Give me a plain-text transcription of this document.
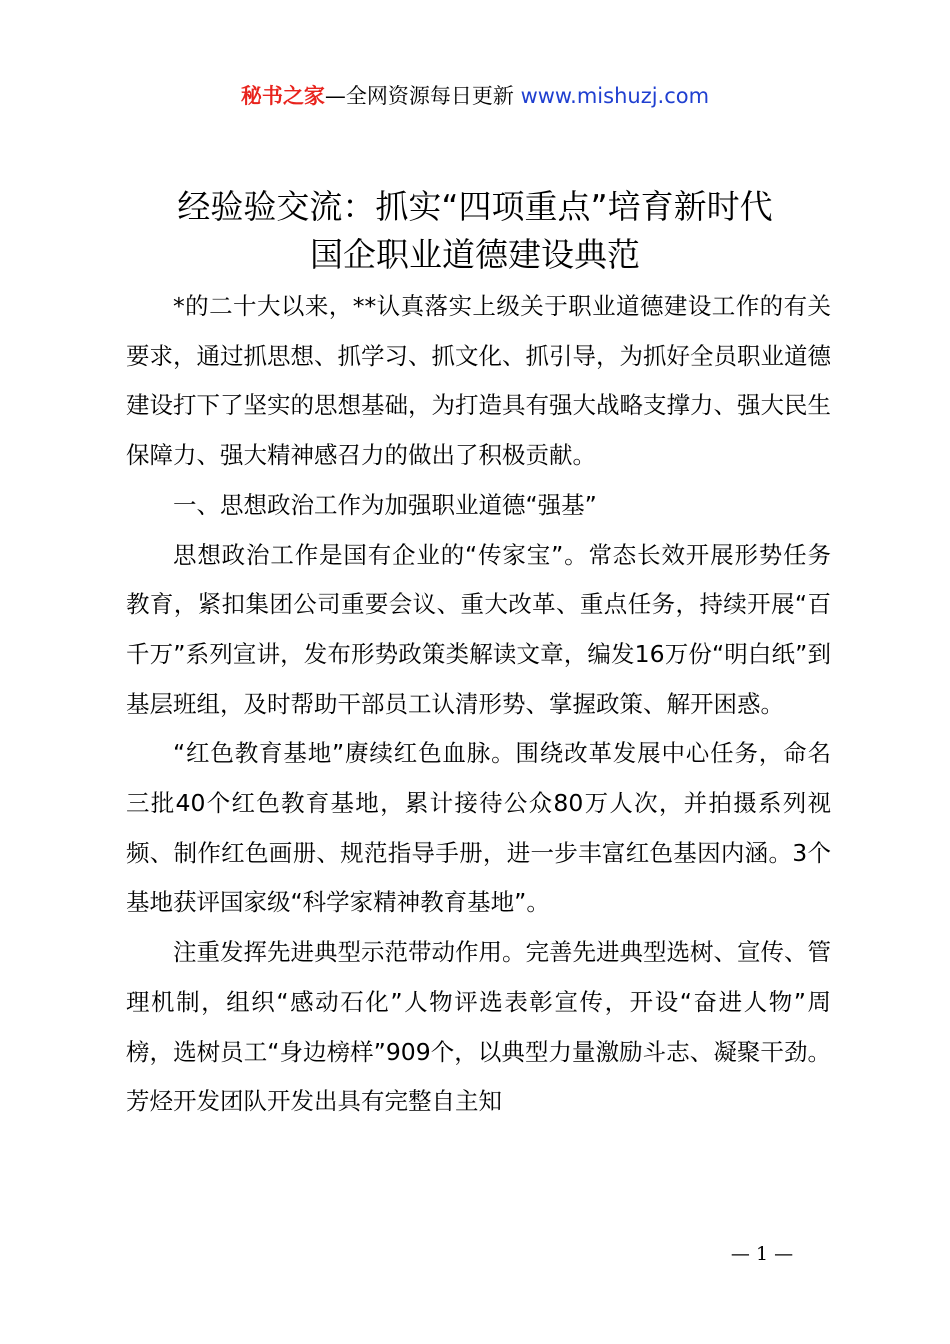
秘书之家—全网资源每日更新 www.mishuzj.com
经验验交流：抓实“四项重点”培育新时代
国企职业道德建设典范

*的二十大以来，**认真落实上级关于职业道德建设工作的有关要求，通过抓思想、抓学习、抓文化、抓引导，为抓好全员职业道德建设打下了坚实的思想基础，为打造具有强大战略支撑力、强大民生保障力、强大精神感召力的做出了积极贡献。

一、思想政治工作为加强职业道德“强基”

思想政治工作是国有企业的“传家宝”。常态长效开展形势任务教育，紧扣集团公司重要会议、重大改革、重点任务，持续开展“百千万”系列宣讲，发布形势政策类解读文章，编发16万份“明白纸”到基层班组，及时帮助干部员工认清形势、掌握政策、解开困惑。

“红色教育基地”赓续红色血脉。围绕改革发展中心任务，命名三批40个红色教育基地，累计接待公众80万人次，并拍摄系列视频、制作红色画册、规范指导手册，进一步丰富红色基因内涵。3个基地获评国家级“科学家精神教育基地”。

注重发挥先进典型示范带动作用。完善先进典型选树、宣传、管理机制，组织“感动石化”人物评选表彰宣传，开设“奋进人物”周榜，选树员工“身边榜样”909个，以典型力量激励斗志、凝聚干劲。芳烃开发团队开发出具有完整自主知

— 1 —
